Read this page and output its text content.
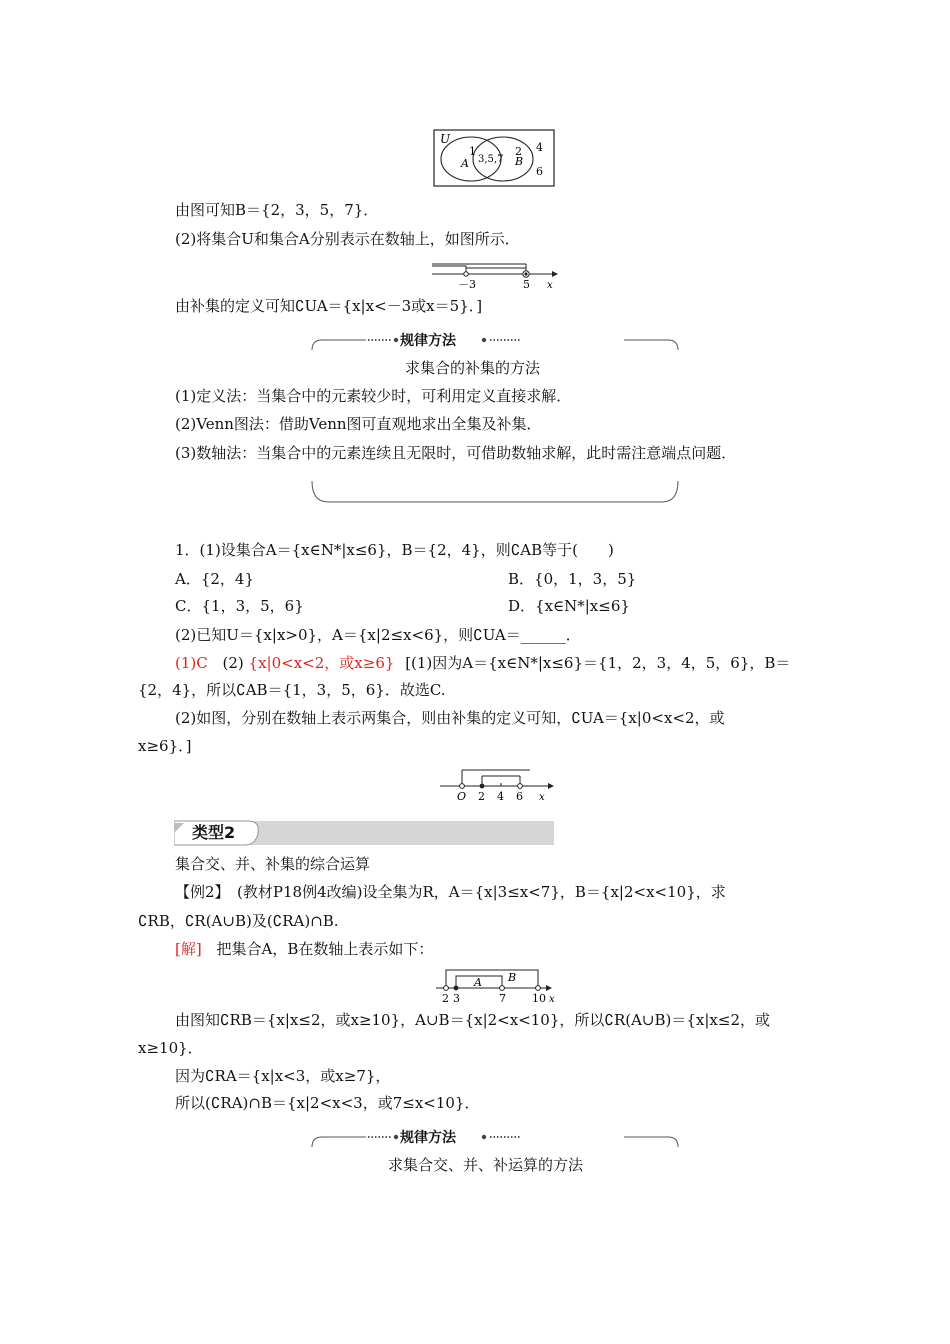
U
A
1
3,5,7
2
B
4
6
由图可知B＝{2，3，5，7}．
(2)将集合U和集合A分别表示在数轴上，如图所示．
－3	5 x
由补集的定义可知∁UA＝{x|x<－3或x＝5}．]
规律方法
求集合的补集的方法
(1)定义法：当集合中的元素较少时，可利用定义直接求解．
(2)Venn图法：借助Venn图可直观地求出全集及补集．
(3)数轴法：当集合中的元素连续且无限时，可借助数轴求解，此时需注意端点问题．
1．(1)设集合A＝{x∈N*|x≤6}，B＝{2，4}，则∁AB等于(　　)
A．{2，4}	B．{0，1，3，5}
C．{1，3，5，6}	D．{x∈N*|x≤6}
(2)已知U＝{x|x>0}，A＝{x|2≤x<6}，则∁UA＝______．
(1)C (2) {x|0<x<2，或x≥6} [(1)因为A＝{x∈N*|x≤6}＝{1，2，3，4，5，6}，B＝
{2，4}，所以∁AB＝{1，3，5，6}．故选C.
(2)如图，分别在数轴上表示两集合，则由补集的定义可知，∁UA＝{x|0<x<2，或
x≥6}．]
O 2 4 6 x
类型2
集合交、并、补集的综合运算
【例2】　(教材P18例4改编)设全集为R，A＝{x|3≤x<7}，B＝{x|2<x<10}，求
∁RB，∁R(A∪B)及(∁RA)∩B.
[解] 把集合A，B在数轴上表示如下：
A B
2 3	7 10 x
由图知∁RB＝{x|x≤2，或x≥10}，A∪B＝{x|2<x<10}，所以∁R(A∪B)＝{x|x≤2，或
x≥10}．
因为∁RA＝{x|x<3，或x≥7}，
所以(∁RA)∩B＝{x|2<x<3，或7≤x<10}．
规律方法
求集合交、并、补运算的方法
